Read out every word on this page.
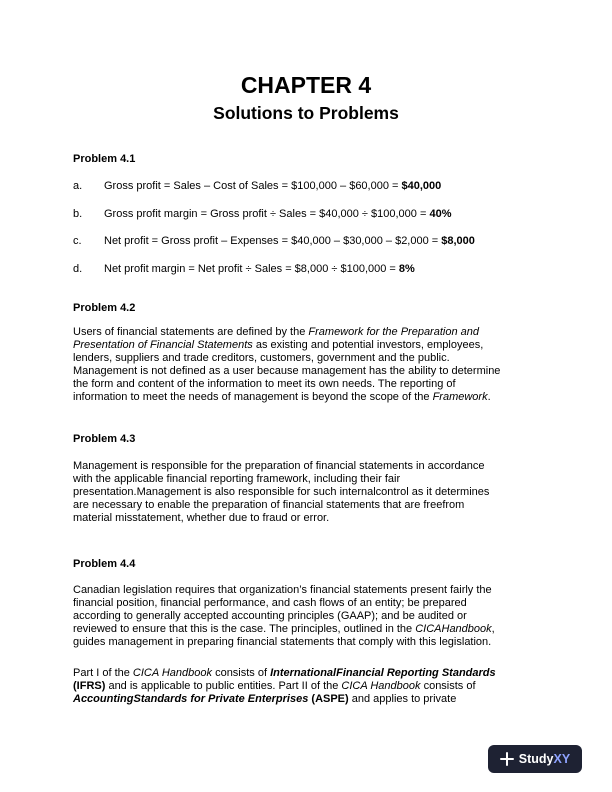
CHAPTER 4
Solutions to Problems
Problem 4.1
a. Gross profit = Sales – Cost of Sales = $100,000 – $60,000 = $40,000
b. Gross profit margin = Gross profit ÷ Sales = $40,000 ÷ $100,000 = 40%
c. Net profit = Gross profit – Expenses = $40,000 – $30,000 – $2,000 = $8,000
d. Net profit margin = Net profit ÷ Sales = $8,000 ÷ $100,000 = 8%
Problem 4.2
Users of financial statements are defined by the Framework for the Preparation and
Presentation of Financial Statements as existing and potential investors, employees,
lenders, suppliers and trade creditors, customers, government and the public.
Management is not defined as a user because management has the ability to determine
the form and content of the information to meet its own needs. The reporting of
information to meet the needs of management is beyond the scope of the Framework.
Problem 4.3
Management is responsible for the preparation of financial statements in accordance
with the applicable financial reporting framework, including their fair
presentation.Management is also responsible for such internalcontrol as it determines
are necessary to enable the preparation of financial statements that are freefrom
material misstatement, whether due to fraud or error.
Problem 4.4
Canadian legislation requires that organization’s financial statements present fairly the
financial position, financial performance, and cash flows of an entity; be prepared
according to generally accepted accounting principles (GAAP); and be audited or
reviewed to ensure that this is the case. The principles, outlined in the CICAHandbook,
guides management in preparing financial statements that comply with this legislation.
Part I of the CICA Handbook consists of InternationalFinancial Reporting Standards
(IFRS) and is applicable to public entities. Part II of the CICA Handbook consists of
AccountingStandards for Private Enterprises (ASPE) and applies to private
StudyXY
